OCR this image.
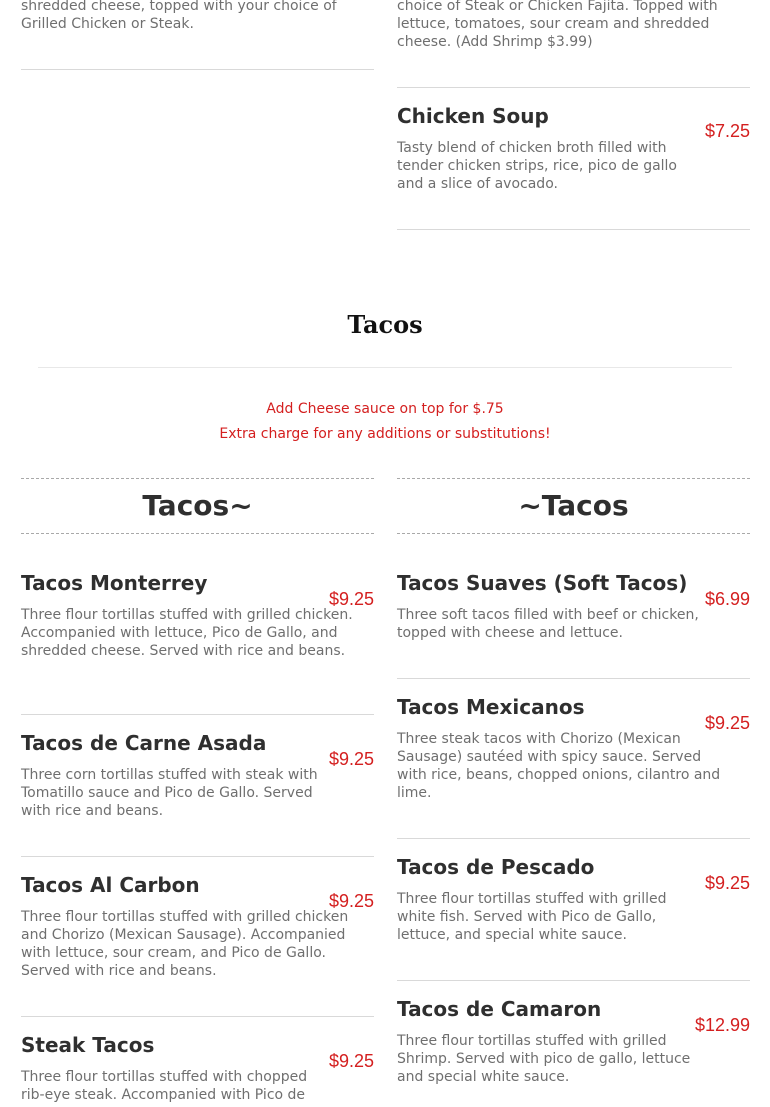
shredded cheese, topped with your choice of Grilled Chicken or Steak.

choice of Steak or Chicken Fajita. Topped with lettuce, tomatoes, sour cream and shredded cheese. (Add Shrimp $3.99)

Chicken Soup
$7.25

Tasty blend of chicken broth filled with tender chicken strips, rice, pico de gallo and a slice of avocado.

Tacos
Add Cheese sauce on top for $.75
Extra charge for any additions or substitutions!
Tacos~	~Tacos
Tacos Monterrey
$9.25

Three flour tortillas stuffed with grilled chicken. Accompanied with lettuce, Pico de Gallo, and shredded cheese. Served with rice and beans.

Tacos de Carne Asada
$9.25

Three corn tortillas stuffed with steak with Tomatillo sauce and Pico de Gallo. Served with rice and beans.

Tacos Al Carbon
$9.25

Three flour tortillas stuffed with grilled chicken and Chorizo (Mexican Sausage). Accompanied with lettuce, sour cream, and Pico de Gallo. Served with rice and beans.

Steak Tacos
$9.25

Three flour tortillas stuffed with chopped rib-eye steak. Accompanied with Pico de

Tacos Suaves (Soft Tacos)
$6.99

Three soft tacos filled with beef or chicken, topped with cheese and lettuce.

Tacos Mexicanos
$9.25

Three steak tacos with Chorizo (Mexican Sausage) sautéed with spicy sauce. Served with rice, beans, chopped onions, cilantro and lime.

Tacos de Pescado
$9.25

Three flour tortillas stuffed with grilled white fish. Served with Pico de Gallo, lettuce, and special white sauce.

Tacos de Camaron
$12.99

Three flour tortillas stuffed with grilled Shrimp. Served with pico de gallo, lettuce and special white sauce.
